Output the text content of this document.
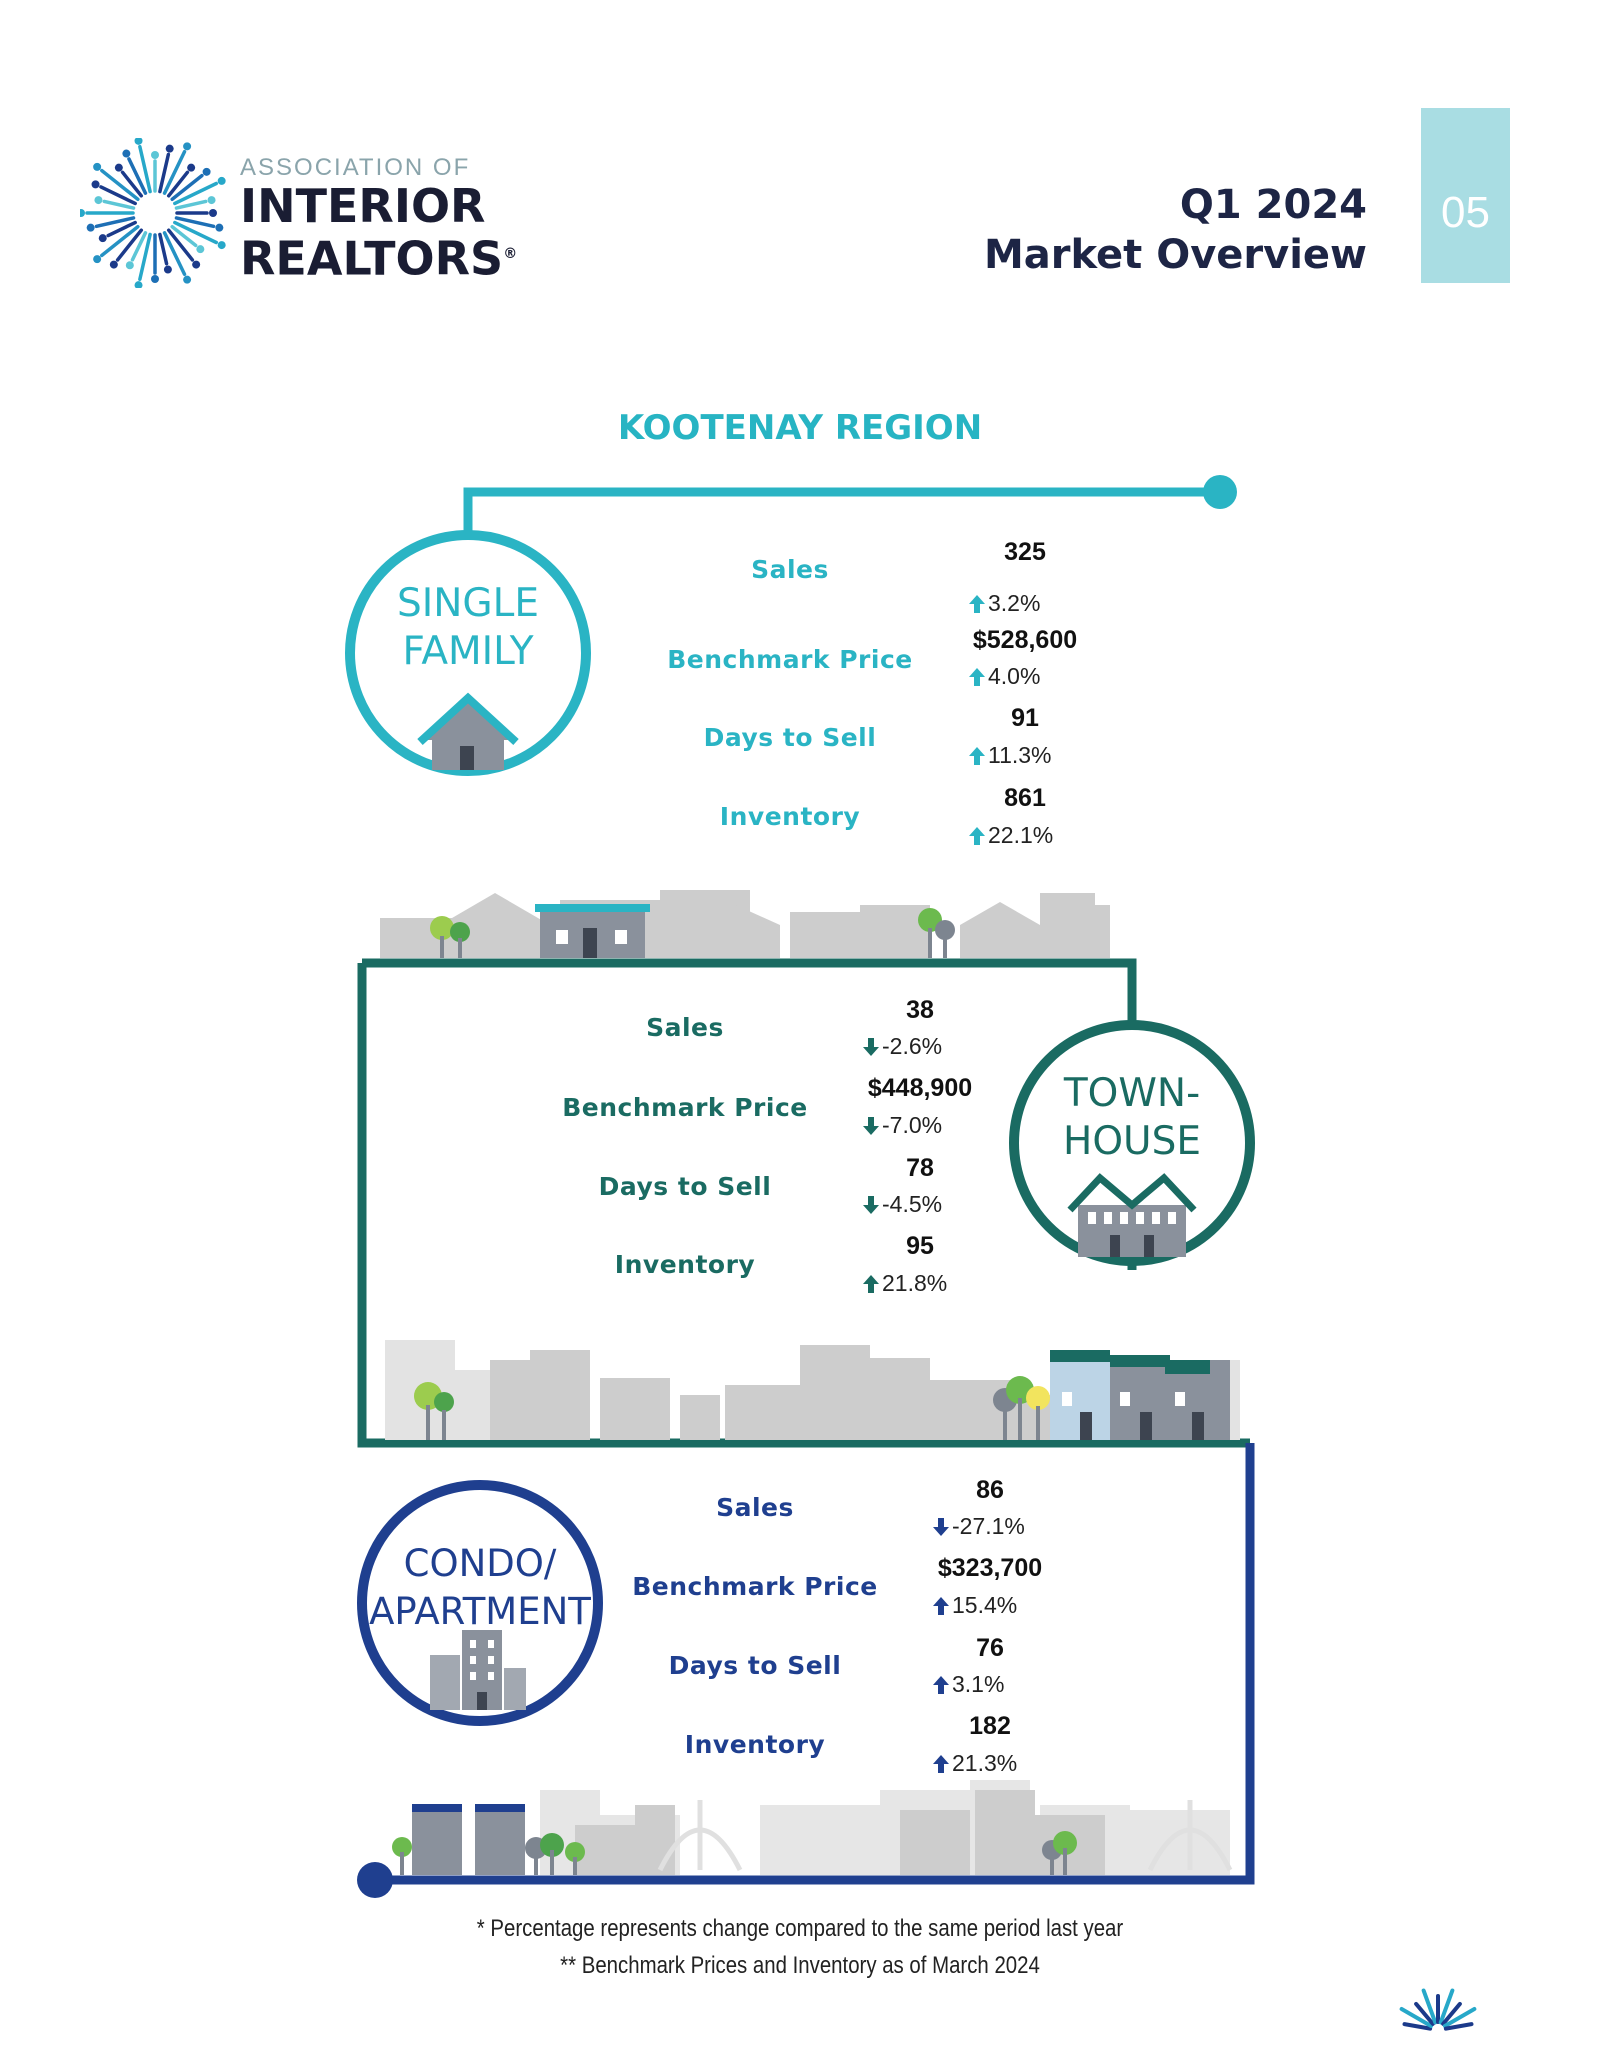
ASSOCIATION OF
INTERIOR
REALTORS®
Q1 2024
Market Overview
05
KOOTENAY REGION
SINGLE
FAMILY
TOWN-
HOUSE
CONDO/
APARTMENT
Sales
325
3.2%
Benchmark Price
$528,600
4.0%
Days to Sell
91
11.3%
Inventory
861
22.1%
Sales
38
-2.6%
Benchmark Price
$448,900
-7.0%
Days to Sell
78
-4.5%
Inventory
95
21.8%
Sales
86
-27.1%
Benchmark Price
$323,700
15.4%
Days to Sell
76
3.1%
Inventory
182
21.3%
* Percentage represents change compared to the same period last year
** Benchmark Prices and Inventory as of March 2024
